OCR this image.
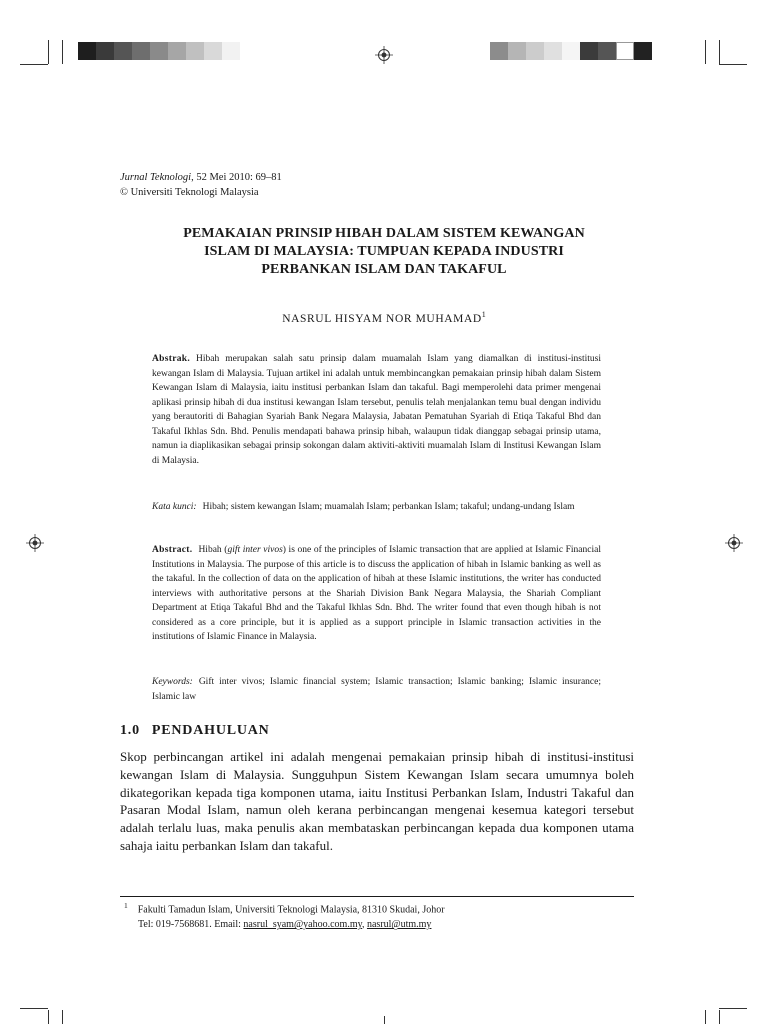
Jurnal Teknologi, 52 Mei 2010: 69–81
© Universiti Teknologi Malaysia
PEMAKAIAN PRINSIP HIBAH DALAM SISTEM KEWANGAN
ISLAM DI MALAYSIA: TUMPUAN KEPADA INDUSTRI
PERBANKAN ISLAM DAN TAKAFUL
NASRUL HISYAM NOR MUHAMAD$^1$
Abstrak. Hibah merupakan salah satu prinsip dalam muamalah Islam yang diamalkan di institusi-institusi kewangan Islam di Malaysia. Tujuan artikel ini adalah untuk membincangkan pemakaian prinsip hibah dalam Sistem Kewangan Islam di Malaysia, iaitu institusi perbankan Islam dan takaful. Bagi memperolehi data primer mengenai aplikasi prinsip hibah di dua institusi kewangan Islam tersebut, penulis telah menjalankan temu bual dengan individu yang berautoriti di Bahagian Syariah Bank Negara Malaysia, Jabatan Pematuhan Syariah di Etiqa Takaful Bhd dan Takaful Ikhlas Sdn. Bhd. Penulis mendapati bahawa prinsip hibah, walaupun tidak dianggap sebagai prinsip utama, namun ia diaplikasikan sebagai prinsip sokongan dalam aktiviti-aktiviti muamalah Islam di Institusi Kewangan Islam di Malaysia.
Kata kunci: Hibah; sistem kewangan Islam; muamalah Islam; perbankan Islam; takaful; undang-undang Islam
Abstract. Hibah (gift inter vivos) is one of the principles of Islamic transaction that are applied at Islamic Financial Institutions in Malaysia. The purpose of this article is to discuss the application of hibah in Islamic banking as well as the takaful. In the collection of data on the application of hibah at these Islamic institutions, the writer has conducted interviews with authoritative persons at the Shariah Division Bank Negara Malaysia, the Shariah Compliant Department at Etiqa Takaful Bhd and the Takaful Ikhlas Sdn. Bhd. The writer found that even though hibah is not considered as a core principle, but it is applied as a support principle in Islamic transaction activities in the institutions of Islamic Finance in Malaysia.
Keywords: Gift inter vivos; Islamic financial system; Islamic transaction; Islamic banking; Islamic insurance; Islamic law
1.0 PENDAHULUAN
Skop perbincangan artikel ini adalah mengenai pemakaian prinsip hibah di institusi-institusi kewangan Islam di Malaysia. Sungguhpun Sistem Kewangan Islam secara umumnya boleh dikategorikan kepada tiga komponen utama, iaitu Institusi Perbankan Islam, Industri Takaful dan Pasaran Modal Islam, namun oleh kerana perbincangan mengenai kesemua kategori tersebut adalah terlalu luas, maka penulis akan membataskan perbincangan kepada dua komponen utama sahaja iaitu perbankan Islam dan takaful.
$^1$ Fakulti Tamadun Islam, Universiti Teknologi Malaysia, 81310 Skudai, Johor
Tel: 019-7568681. Email: nasrul_syam@yahoo.com.my, nasrul@utm.my
